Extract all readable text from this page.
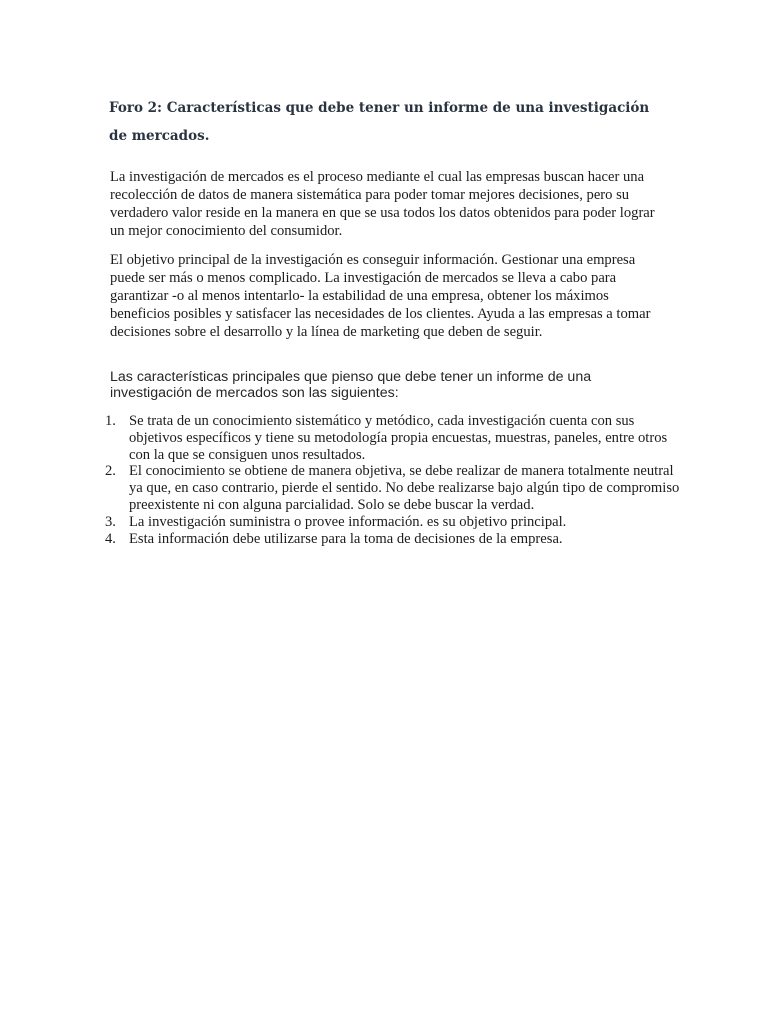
Foro 2: Características que debe tener un informe de una investigación de mercados.

La investigación de mercados es el proceso mediante el cual las empresas buscan hacer una recolección de datos de manera sistemática para poder tomar mejores decisiones, pero su verdadero valor reside en la manera en que se usa todos los datos obtenidos para poder lograr un mejor conocimiento del consumidor.

El objetivo principal de la investigación es conseguir información. Gestionar una empresa puede ser más o menos complicado. La investigación de mercados se lleva a cabo para garantizar -o al menos intentarlo- la estabilidad de una empresa, obtener los máximos beneficios posibles y satisfacer las necesidades de los clientes. Ayuda a las empresas a tomar decisiones sobre el desarrollo y la línea de marketing que deben de seguir.

Las características principales que pienso que debe tener un informe de una investigación de mercados son las siguientes:

1. Se trata de un conocimiento sistemático y metódico, cada investigación cuenta con sus objetivos específicos y tiene su metodología propia encuestas, muestras, paneles, entre otros con la que se consiguen unos resultados.
2. El conocimiento se obtiene de manera objetiva, se debe realizar de manera totalmente neutral ya que, en caso contrario, pierde el sentido. No debe realizarse bajo algún tipo de compromiso preexistente ni con alguna parcialidad. Solo se debe buscar la verdad.
3. La investigación suministra o provee información. es su objetivo principal.
4. Esta información debe utilizarse para la toma de decisiones de la empresa.
